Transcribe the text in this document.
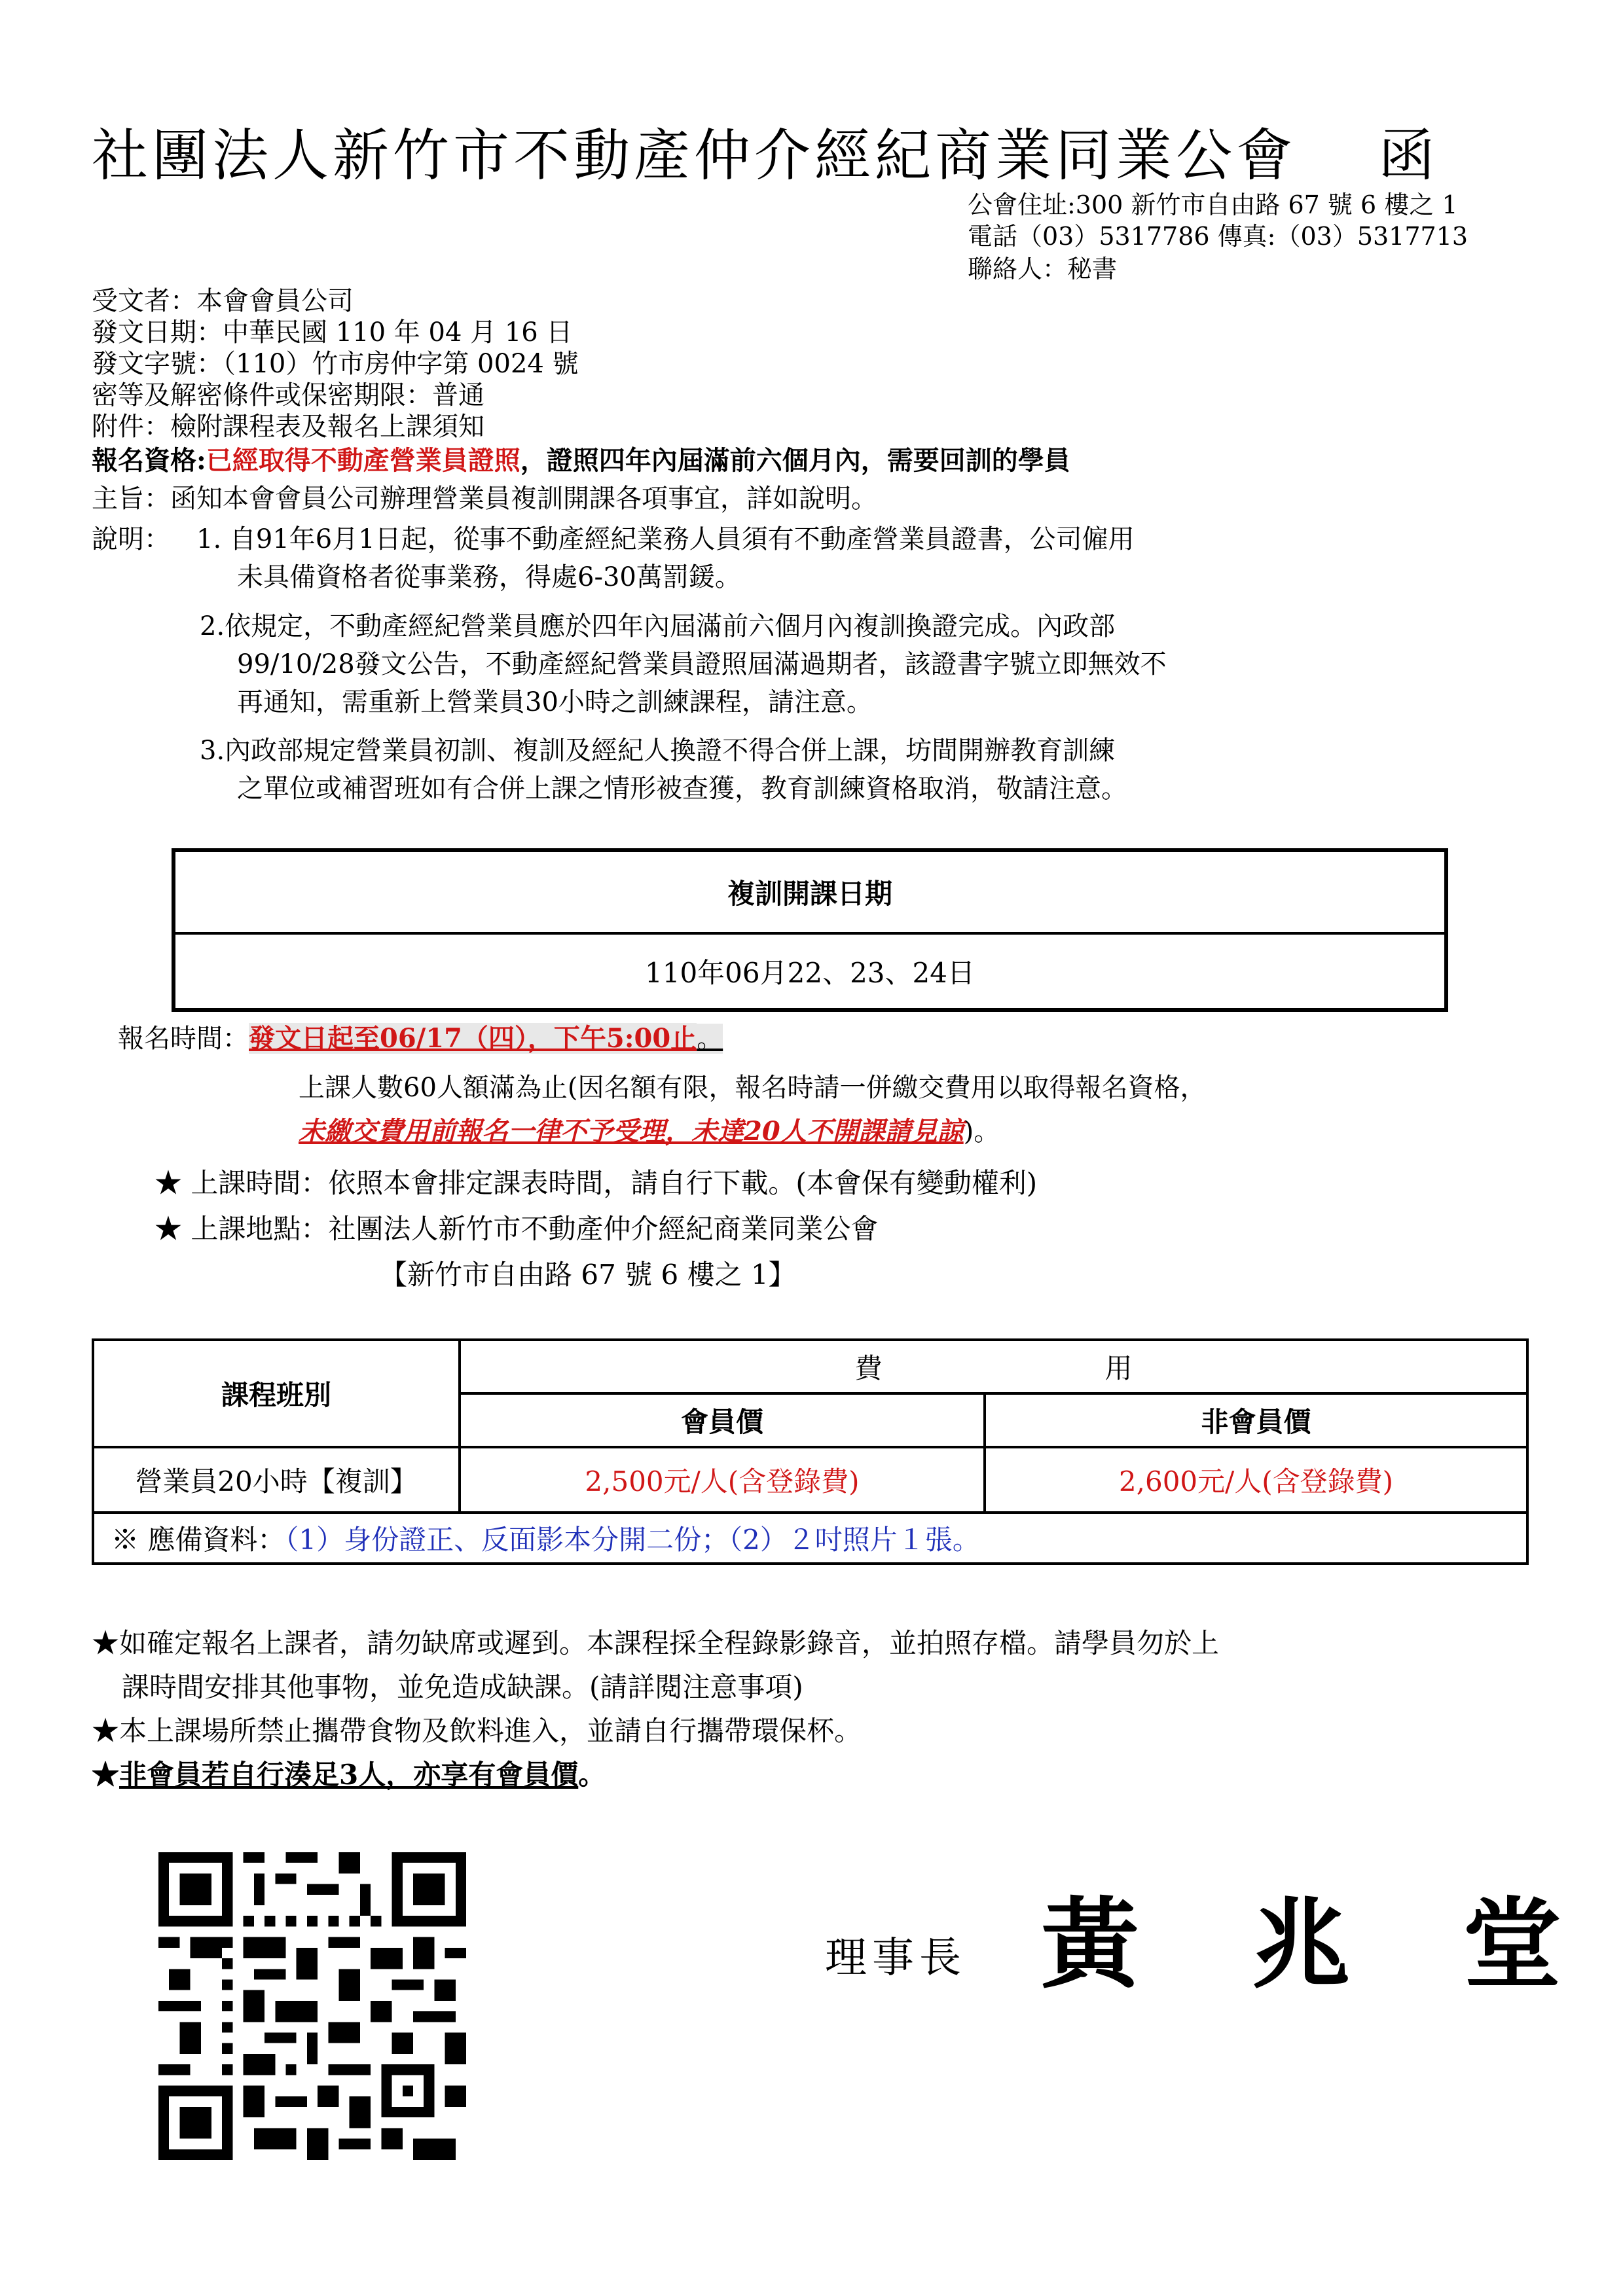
社團法人新竹市不動產仲介經紀商業同業公會　 函
公會住址:300 新竹市自由路 67 號 6 樓之 1
電話（03）5317786 傳真:（03）5317713
聯絡人：秘書
受文者：本會會員公司
發文日期：中華民國 110 年 04 月 16 日
發文字號：（110）竹市房仲字第 0024 號
密等及解密條件或保密期限：普通
附件：檢附課程表及報名上課須知
報名資格:已經取得不動產營業員證照，證照四年內屆滿前六個月內，需要回訓的學員
主旨：函知本會會員公司辦理營業員複訓開課各項事宜，詳如說明。
說明： 1. 自91年6月1日起，從事不動產經紀業務人員須有不動產營業員證書，公司僱用
未具備資格者從事業務，得處6-30萬罰鍰。
2.依規定，不動產經紀營業員應於四年內屆滿前六個月內複訓換證完成。內政部
99/10/28發文公告，不動產經紀營業員證照屆滿過期者，該證書字號立即無效不
再通知，需重新上營業員30小時之訓練課程，請注意。
3.內政部規定營業員初訓、複訓及經紀人換證不得合併上課，坊間開辦教育訓練
之單位或補習班如有合併上課之情形被查獲，教育訓練資格取消，敬請注意。
複訓開課日期
110年06月22、23、24日
報名時間：發文日起至06/17（四），下午5:00止。
上課人數60人額滿為止(因名額有限，報名時請一併繳交費用以取得報名資格，
未繳交費用前報名一律不予受理，未達20人不開課請見諒)。
★ 上課時間：依照本會排定課表時間，請自行下載。(本會保有變動權利)
★ 上課地點：社團法人新竹市不動產仲介經紀商業同業公會
【新竹市自由路 67 號 6 樓之 1】
課程班別	費 用	
	會員價	非會員價
營業員20小時【複訓】	2,500元/人(含登錄費)	2,600元/人(含登錄費)
※ 應備資料：（1）身份證正、反面影本分開二份；（2）２吋照片１張。		
★如確定報名上課者，請勿缺席或遲到。本課程採全程錄影錄音，並拍照存檔。請學員勿於上
課時間安排其他事物，並免造成缺課。(請詳閱注意事項)
★本上課場所禁止攜帶食物及飲料進入，並請自行攜帶環保杯。
★非會員若自行湊足3人，亦享有會員價。
理事長 黃 兆 堂
